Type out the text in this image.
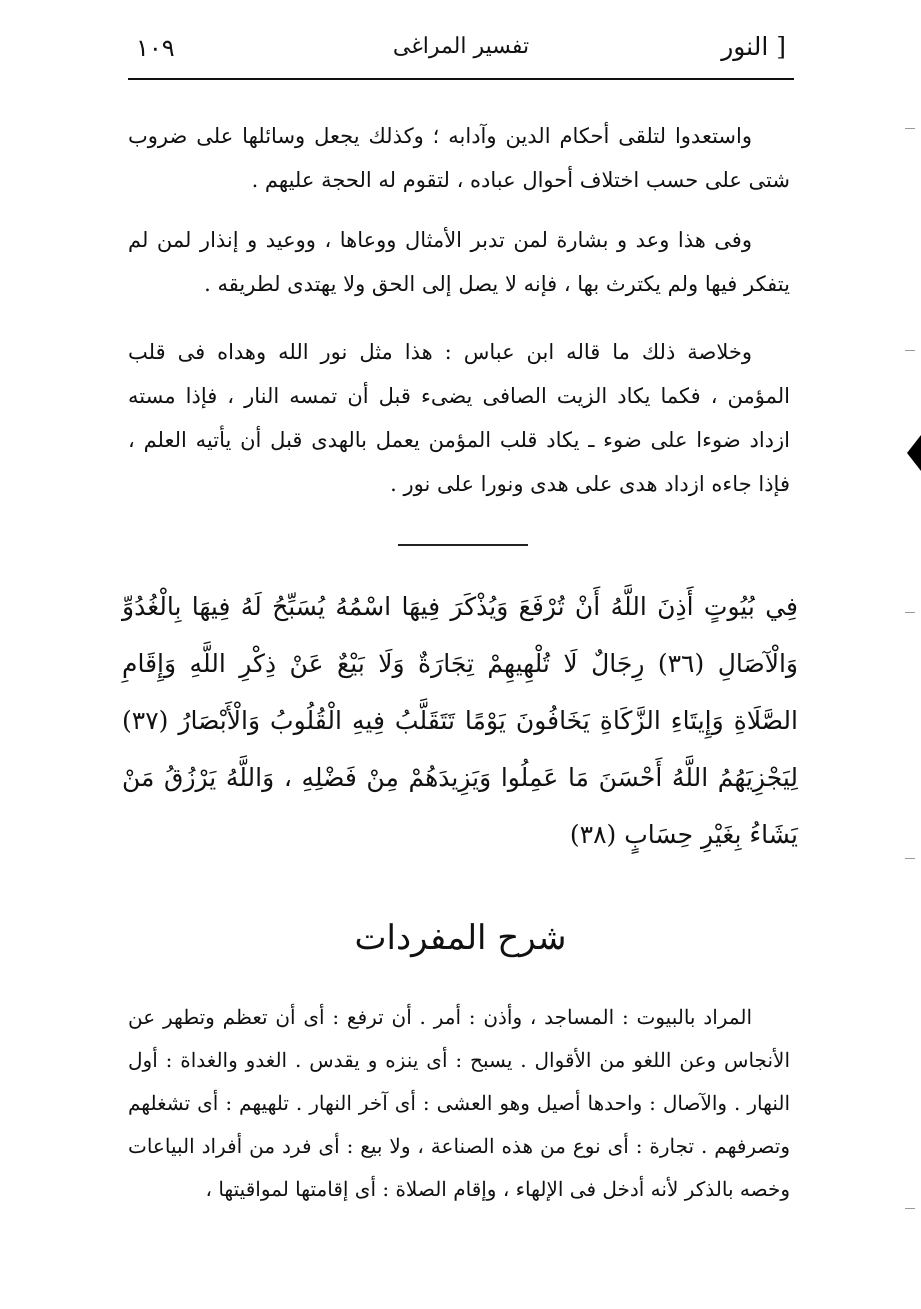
النور ]
تفسير المراغى
١٠٩

واستعدوا لتلقى أحكام الدين وآدابه ؛ وكذلك يجعل وسائلها على ضروب شتى على حسب اختلاف أحوال عباده ، لتقوم له الحجة عليهم .

وفى هذا وعد و بشارة لمن تدبر الأمثال ووعاها ، ووعيد و إنذار لمن لم يتفكر فيها ولم يكترث بها ، فإنه لا يصل إلى الحق ولا يهتدى لطريقه .

وخلاصة ذلك ما قاله ابن عباس : هذا مثل نور الله وهداه فى قلب المؤمن ، فكما يكاد الزيت الصافى يضىء قبل أن تمسه النار ، فإذا مسته ازداد ضوءا على ضوء ـ يكاد قلب المؤمن يعمل بالهدى قبل أن يأتيه العلم ، فإذا جاءه ازداد هدى على هدى ونورا على نور .

فِي بُيُوتٍ أَذِنَ اللَّهُ أَنْ تُرْفَعَ وَيُذْكَرَ فِيهَا اسْمُهُ يُسَبِّحُ لَهُ فِيهَا بِالْغُدُوِّ وَالْآصَالِ (٣٦) رِجَالٌ لَا تُلْهِيهِمْ تِجَارَةٌ وَلَا بَيْعٌ عَنْ ذِكْرِ اللَّهِ وَإِقَامِ الصَّلَاةِ وَإِيتَاءِ الزَّكَاةِ يَخَافُونَ يَوْمًا تَتَقَلَّبُ فِيهِ الْقُلُوبُ وَالْأَبْصَارُ (٣٧) لِيَجْزِيَهُمُ اللَّهُ أَحْسَنَ مَا عَمِلُوا وَيَزِيدَهُمْ مِنْ فَضْلِهِ ، وَاللَّهُ يَرْزُقُ مَنْ يَشَاءُ بِغَيْرِ حِسَابٍ (٣٨)
شرح المفردات

المراد بالبيوت : المساجد ، وأذن : أمر . أن ترفع : أى أن تعظم وتطهر عن الأنجاس وعن اللغو من الأقوال . يسبح : أى ينزه و يقدس . الغدو والغداة : أول النهار . والآصال : واحدها أصيل وهو العشى : أى آخر النهار . تلهيهم : أى تشغلهم وتصرفهم . تجارة : أى نوع من هذه الصناعة ، ولا بيع : أى فرد من أفراد البياعات وخصه بالذكر لأنه أدخل فى الإلهاء ، وإقام الصلاة : أى إقامتها لمواقيتها ،
